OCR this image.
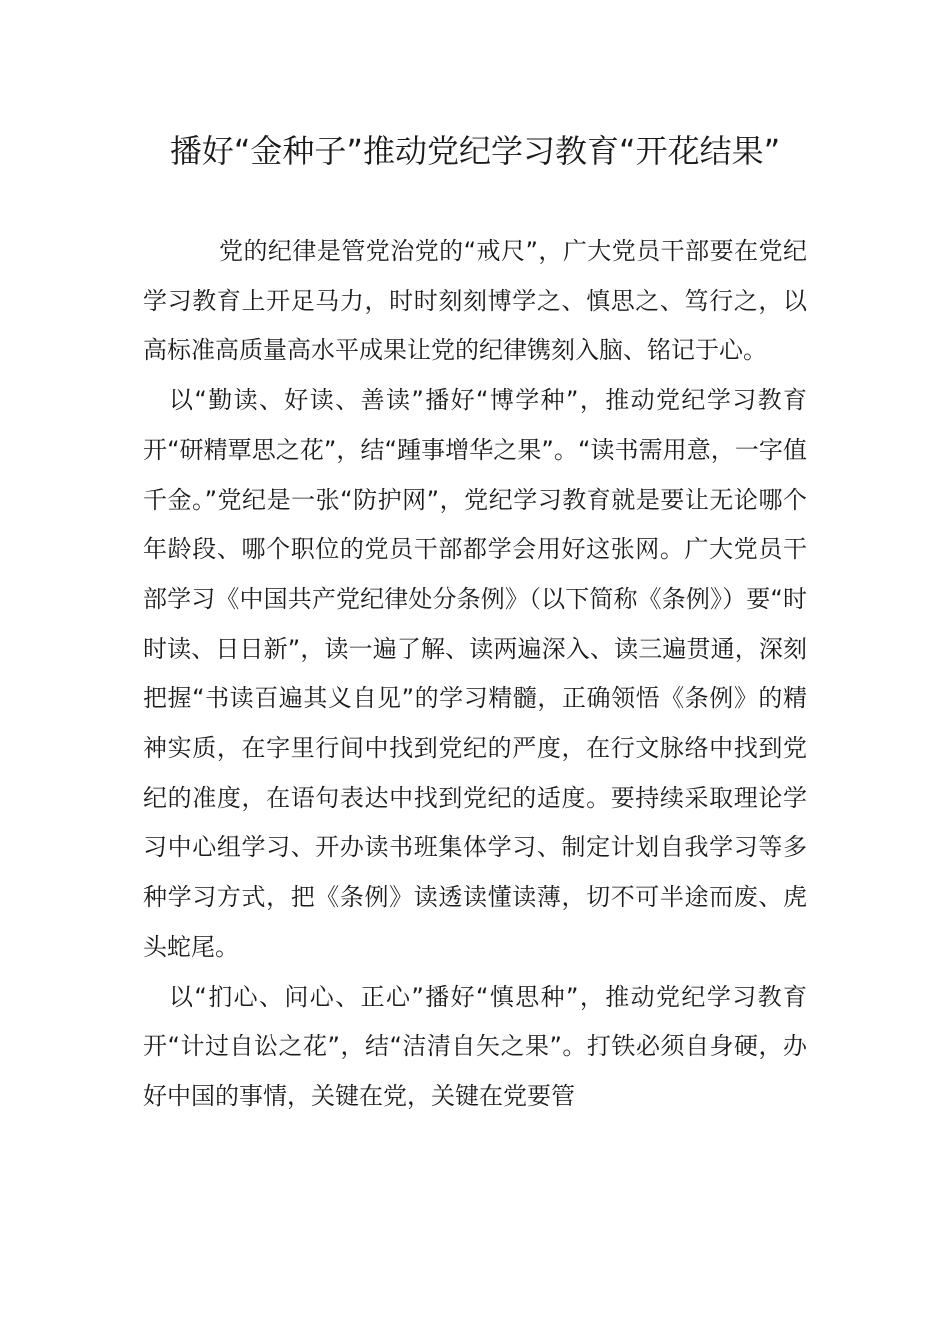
播好“金种子”推动党纪学习教育“开花结果”

党的纪律是管党治党的“戒尺”，广大党员干部要在党纪学习教育上开足马力，时时刻刻博学之、慎思之、笃行之，以高标准高质量高水平成果让党的纪律镌刻入脑、铭记于心。

以“勤读、好读、善读”播好“博学种”，推动党纪学习教育开“研精覃思之花”，结“踵事增华之果”。“读书需用意，一字值千金。”党纪是一张“防护网”，党纪学习教育就是要让无论哪个年龄段、哪个职位的党员干部都学会用好这张网。广大党员干部学习《中国共产党纪律处分条例》（以下简称《条例》）要“时时读、日日新”，读一遍了解、读两遍深入、读三遍贯通，深刻把握“书读百遍其义自见”的学习精髓，正确领悟《条例》的精神实质，在字里行间中找到党纪的严度，在行文脉络中找到党纪的准度，在语句表达中找到党纪的适度。要持续采取理论学习中心组学习、开办读书班集体学习、制定计划自我学习等多种学习方式，把《条例》读透读懂读薄，切不可半途而废、虎头蛇尾。

以“扪心、问心、正心”播好“慎思种”，推动党纪学习教育开“计过自讼之花”，结“洁清自矢之果”。打铁必须自身硬，办好中国的事情，关键在党，关键在党要管
